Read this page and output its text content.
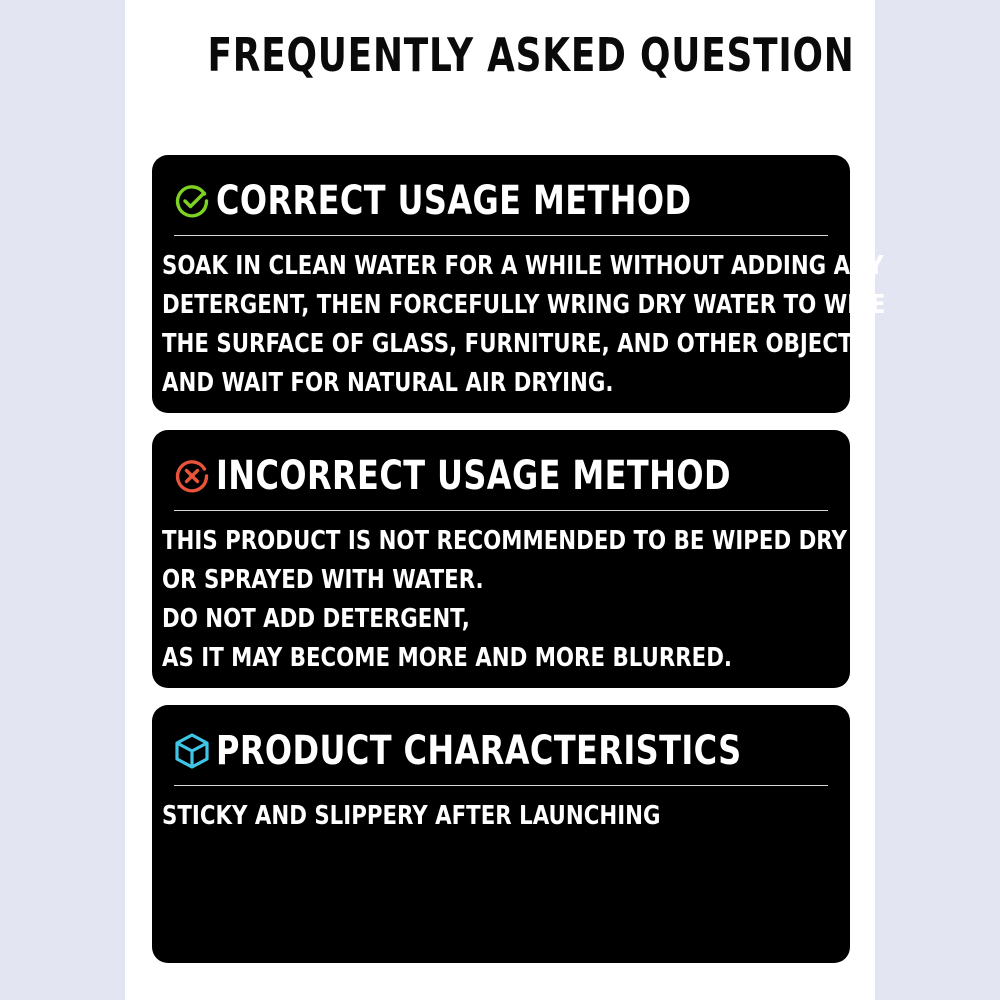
FREQUENTLY ASKED QUESTION
CORRECT USAGE METHOD
SOAK IN CLEAN WATER FOR A WHILE WITHOUT ADDING ANY
DETERGENT, THEN FORCEFULLY WRING DRY WATER TO WIPE
THE SURFACE OF GLASS, FURNITURE, AND OTHER OBJECTS,
AND WAIT FOR NATURAL AIR DRYING.
INCORRECT USAGE METHOD
THIS PRODUCT IS NOT RECOMMENDED TO BE WIPED DRY
OR SPRAYED WITH WATER.
DO NOT ADD DETERGENT,
AS IT MAY BECOME MORE AND MORE BLURRED.
PRODUCT CHARACTERISTICS
STICKY AND SLIPPERY AFTER LAUNCHING
